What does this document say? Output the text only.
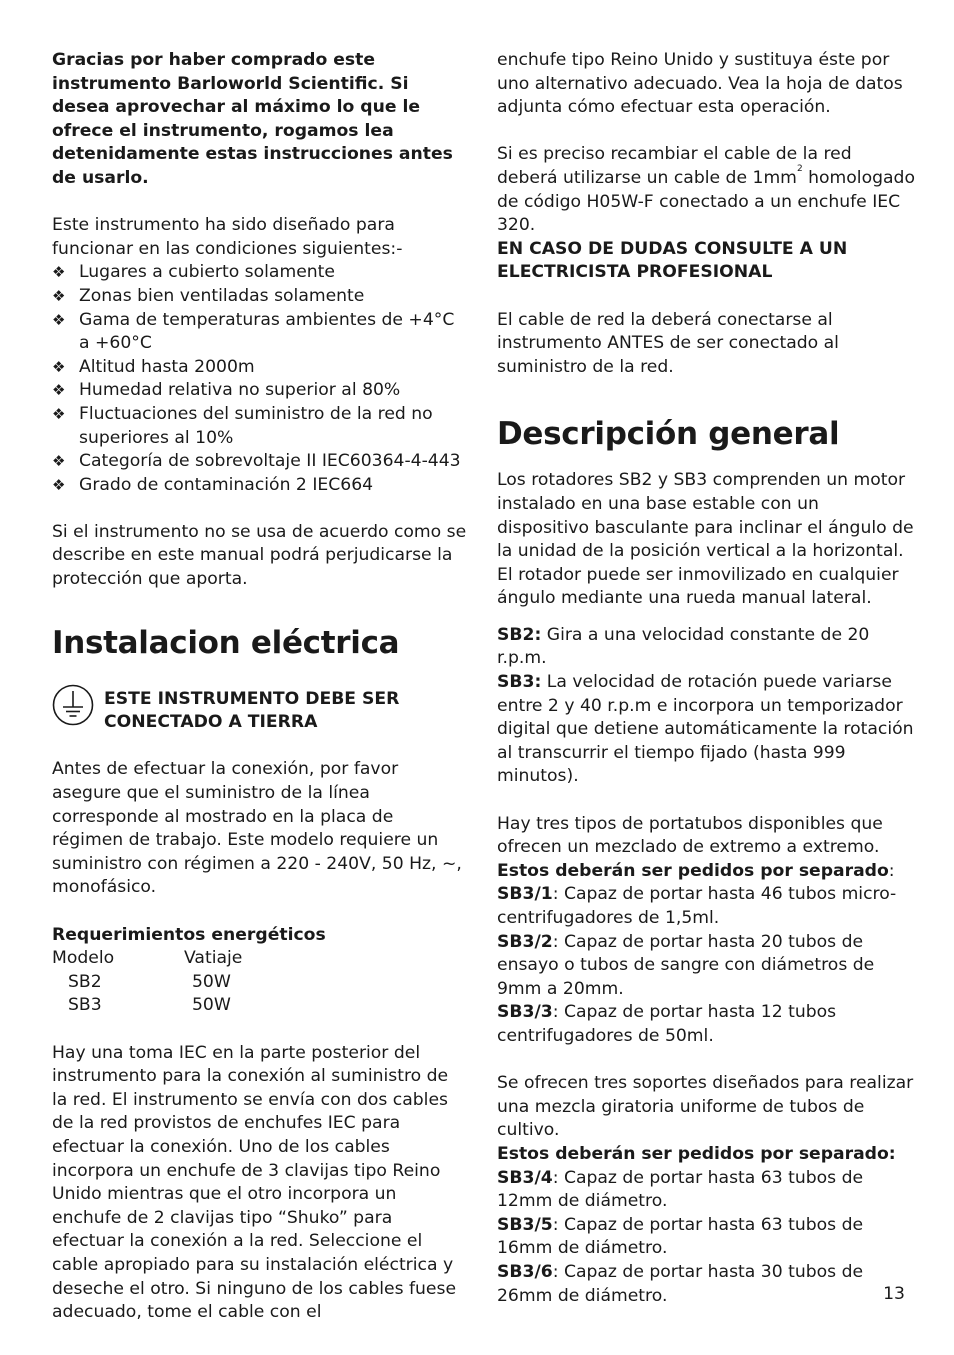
Gracias por haber comprado este instrumento Barloworld Scientific. Si desea aprovechar al máximo lo que le ofrece el instrumento, rogamos lea detenidamente estas instrucciones antes de usarlo.

Este instrumento ha sido diseñado para funcionar en las condiciones siguientes:-

❖ Lugares a cubierto solamente
❖ Zonas bien ventiladas solamente
❖ Gama de temperaturas ambientes de +4°C a +60°C
❖ Altitud hasta 2000m
❖ Humedad relativa no superior al 80%
❖ Fluctuaciones del suministro de la red no superiores al 10%
❖ Categoría de sobrevoltaje II IEC60364-4-443
❖ Grado de contaminación 2 IEC664

Si el instrumento no se usa de acuerdo como se describe en este manual podrá perjudicarse la protección que aporta.

Instalacion eléctrica

ESTE INSTRUMENTO DEBE SER CONECTADO A TIERRA

Antes de efectuar la conexión, por favor asegure que el suministro de la línea corresponde al mostrado en la placa de régimen de trabajo. Este modelo requiere un suministro con régimen a 220 - 240V, 50 Hz, ~, monofásico.

Requerimientos energéticos

Modelo	Vatiaje
SB2	50W
SB3	50W

Hay una toma IEC en la parte posterior del instrumento para la conexión al suministro de la red. El instrumento se envía con dos cables de la red provistos de enchufes IEC para efectuar la conexión. Uno de los cables incorpora un enchufe de 3 clavijas tipo Reino Unido mientras que el otro incorpora un enchufe de 2 clavijas tipo “Shuko” para efectuar la conexión a la red. Seleccione el cable apropiado para su instalación eléctrica y deseche el otro. Si ninguno de los cables fuese adecuado, tome el cable con el

enchufe tipo Reino Unido y sustituya éste por uno alternativo adecuado. Vea la hoja de datos adjunta cómo efectuar esta operación.

Si es preciso recambiar el cable de la red deberá utilizarse un cable de $1mm^2$ homologado de código H05W-F conectado a un enchufe IEC 320.

EN CASO DE DUDAS CONSULTE A UN ELECTRICISTA PROFESIONAL

El cable de red la deberá conectarse al instrumento ANTES de ser conectado al suministro de la red.

Descripción general

Los rotadores SB2 y SB3 comprenden un motor instalado en una base estable con un dispositivo basculante para inclinar el ángulo de la unidad de la posición vertical a la horizontal. El rotador puede ser inmovilizado en cualquier ángulo mediante una rueda manual lateral.

SB2: Gira a una velocidad constante de 20 r.p.m.

SB3: La velocidad de rotación puede variarse entre 2 y 40 r.p.m e incorpora un temporizador digital que detiene automáticamente la rotación al transcurrir el tiempo fijado (hasta 999 minutos).

Hay tres tipos de portatubos disponibles que ofrecen un mezclado de extremo a extremo.

Estos deberán ser pedidos por separado:

SB3/1: Capaz de portar hasta 46 tubos micro-centrifugadores de 1,5ml.

SB3/2: Capaz de portar hasta 20 tubos de ensayo o tubos de sangre con diámetros de 9mm a 20mm.

SB3/3: Capaz de portar hasta 12 tubos centrifugadores de 50ml.

Se ofrecen tres soportes diseñados para realizar una mezcla giratoria uniforme de tubos de cultivo.

Estos deberán ser pedidos por separado:

SB3/4: Capaz de portar hasta 63 tubos de 12mm de diámetro.

SB3/5: Capaz de portar hasta 63 tubos de 16mm de diámetro.

SB3/6: Capaz de portar hasta 30 tubos de 26mm de diámetro.	13
